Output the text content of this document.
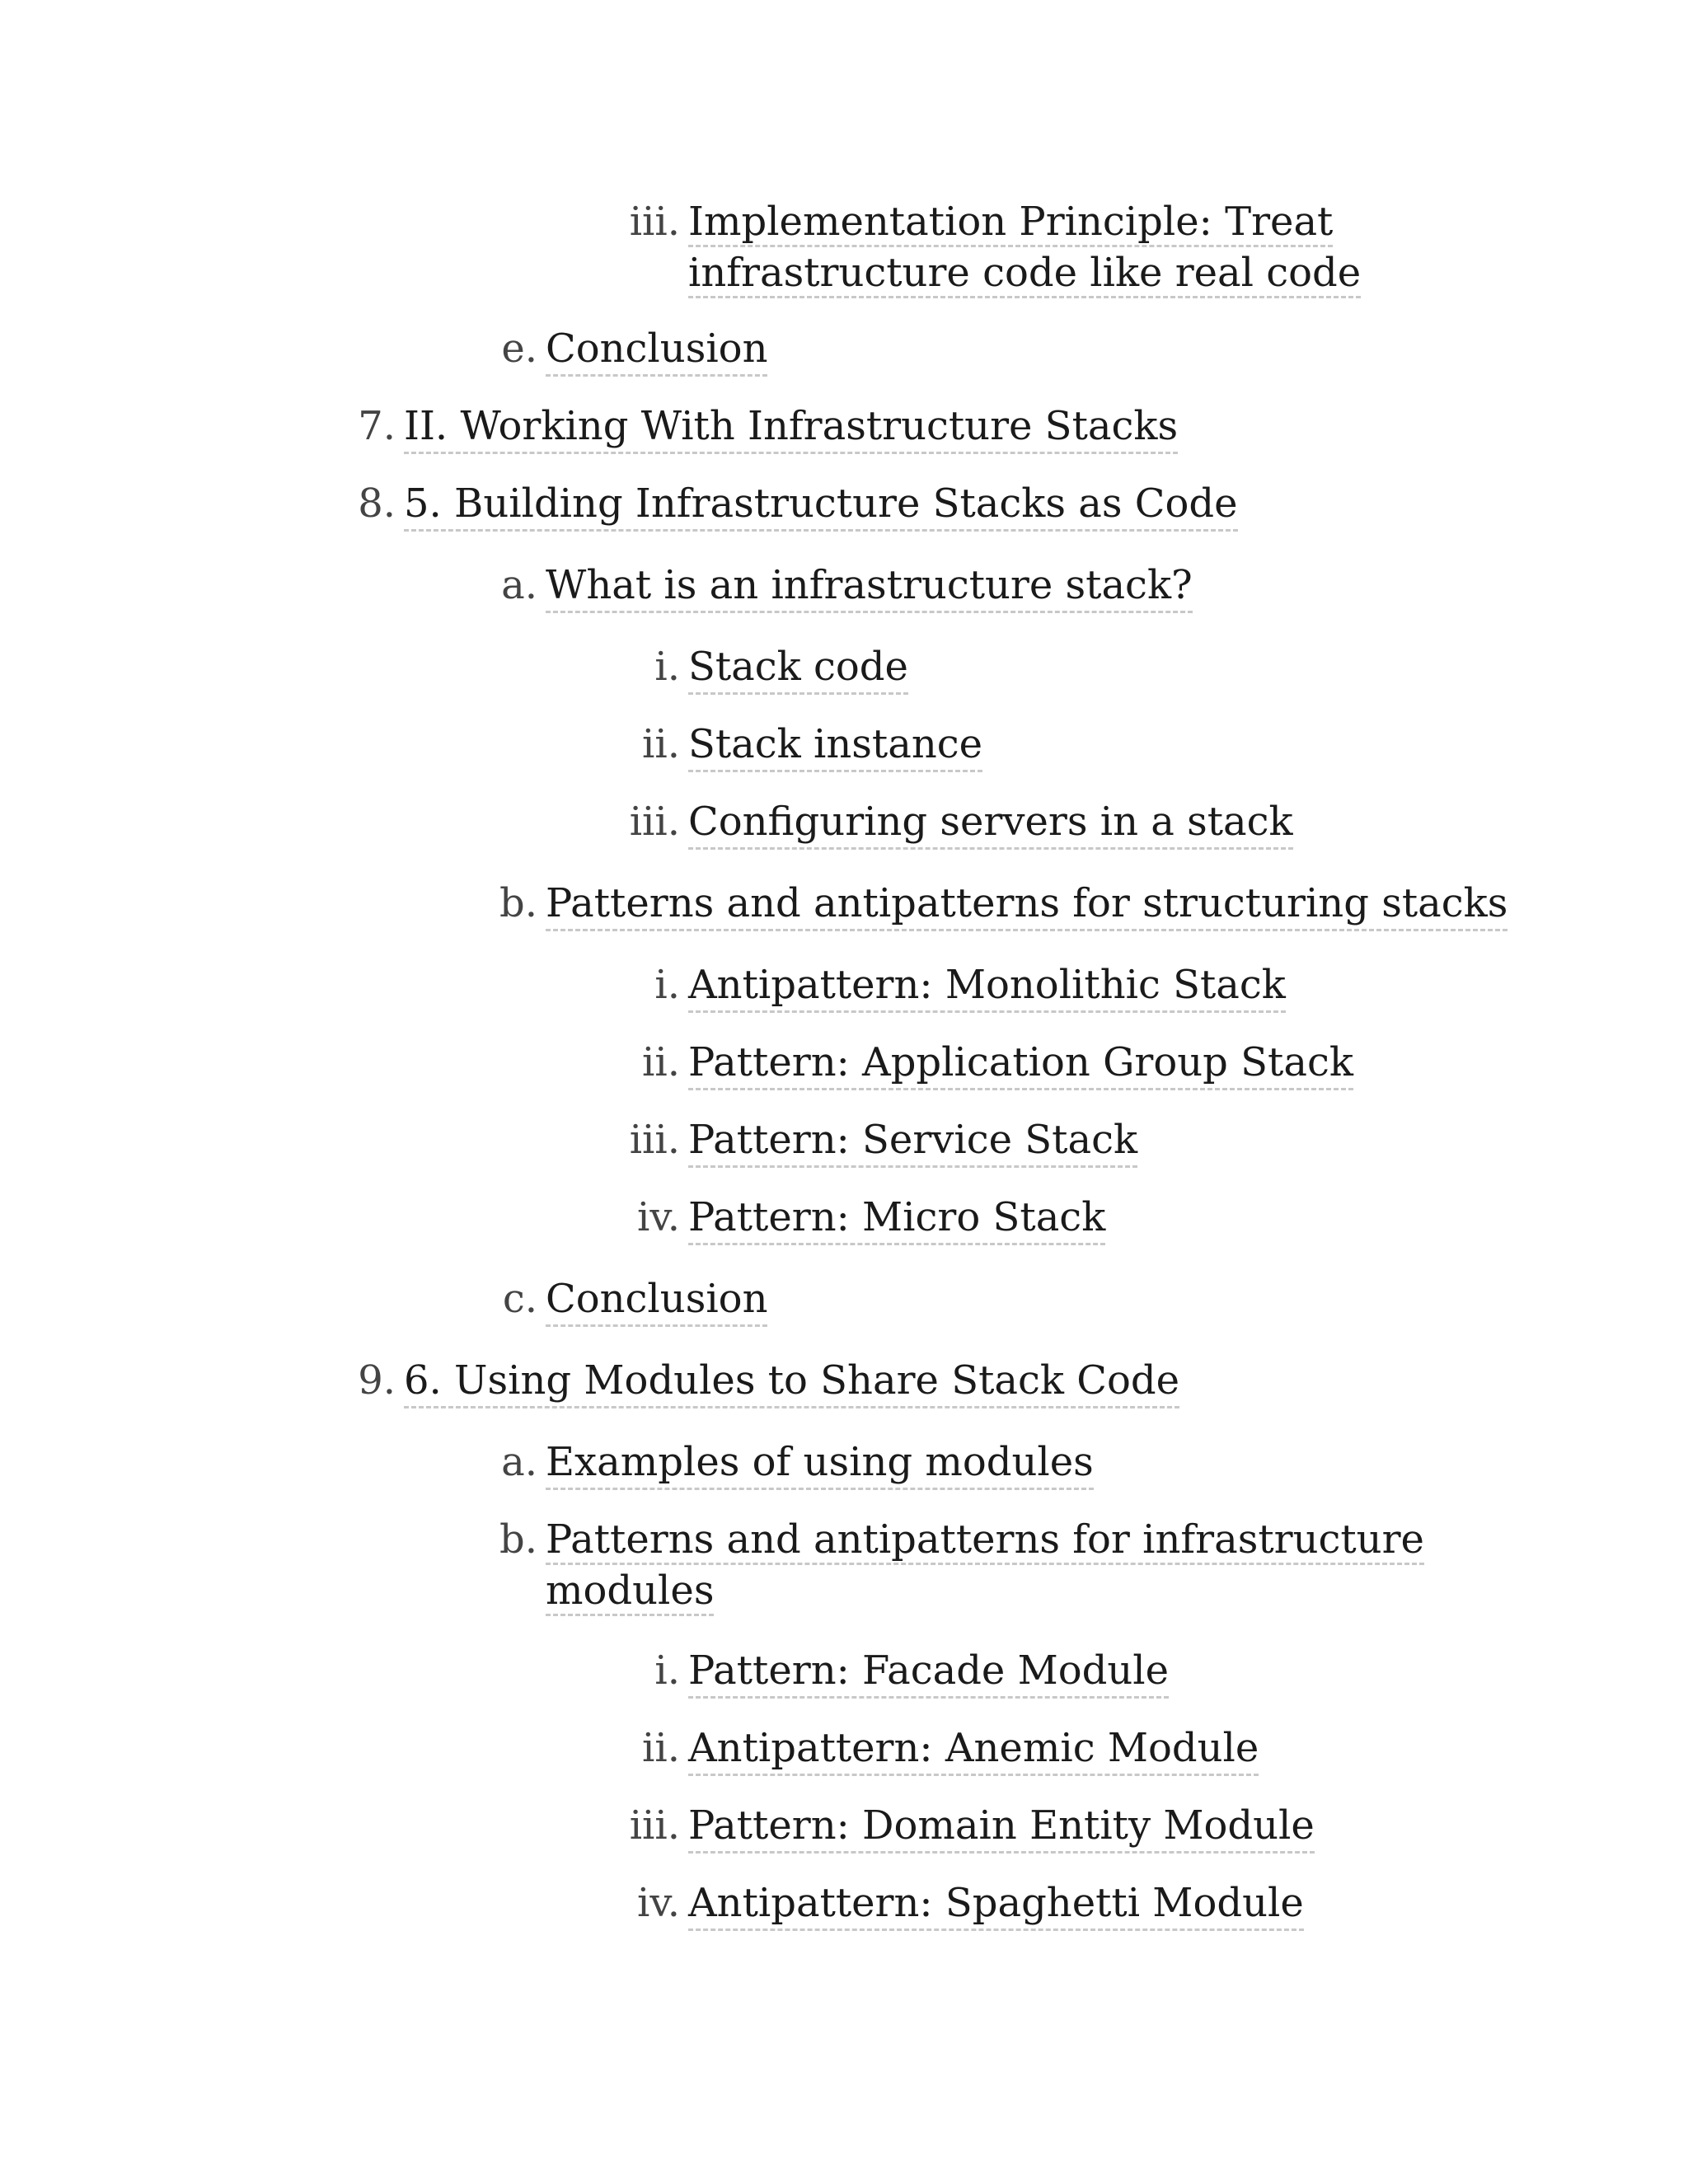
iii. Implementation Principle: Treat
infrastructure code like real code
e. Conclusion
7. II. Working With Infrastructure Stacks
8. 5. Building Infrastructure Stacks as Code
a. What is an infrastructure stack?
i. Stack code
ii. Stack instance
iii. Configuring servers in a stack
b. Patterns and antipatterns for structuring stacks
i. Antipattern: Monolithic Stack
ii. Pattern: Application Group Stack
iii. Pattern: Service Stack
iv. Pattern: Micro Stack
c. Conclusion
9. 6. Using Modules to Share Stack Code
a. Examples of using modules
b. Patterns and antipatterns for infrastructure
modules
i. Pattern: Facade Module
ii. Antipattern: Anemic Module
iii. Pattern: Domain Entity Module
iv. Antipattern: Spaghetti Module
